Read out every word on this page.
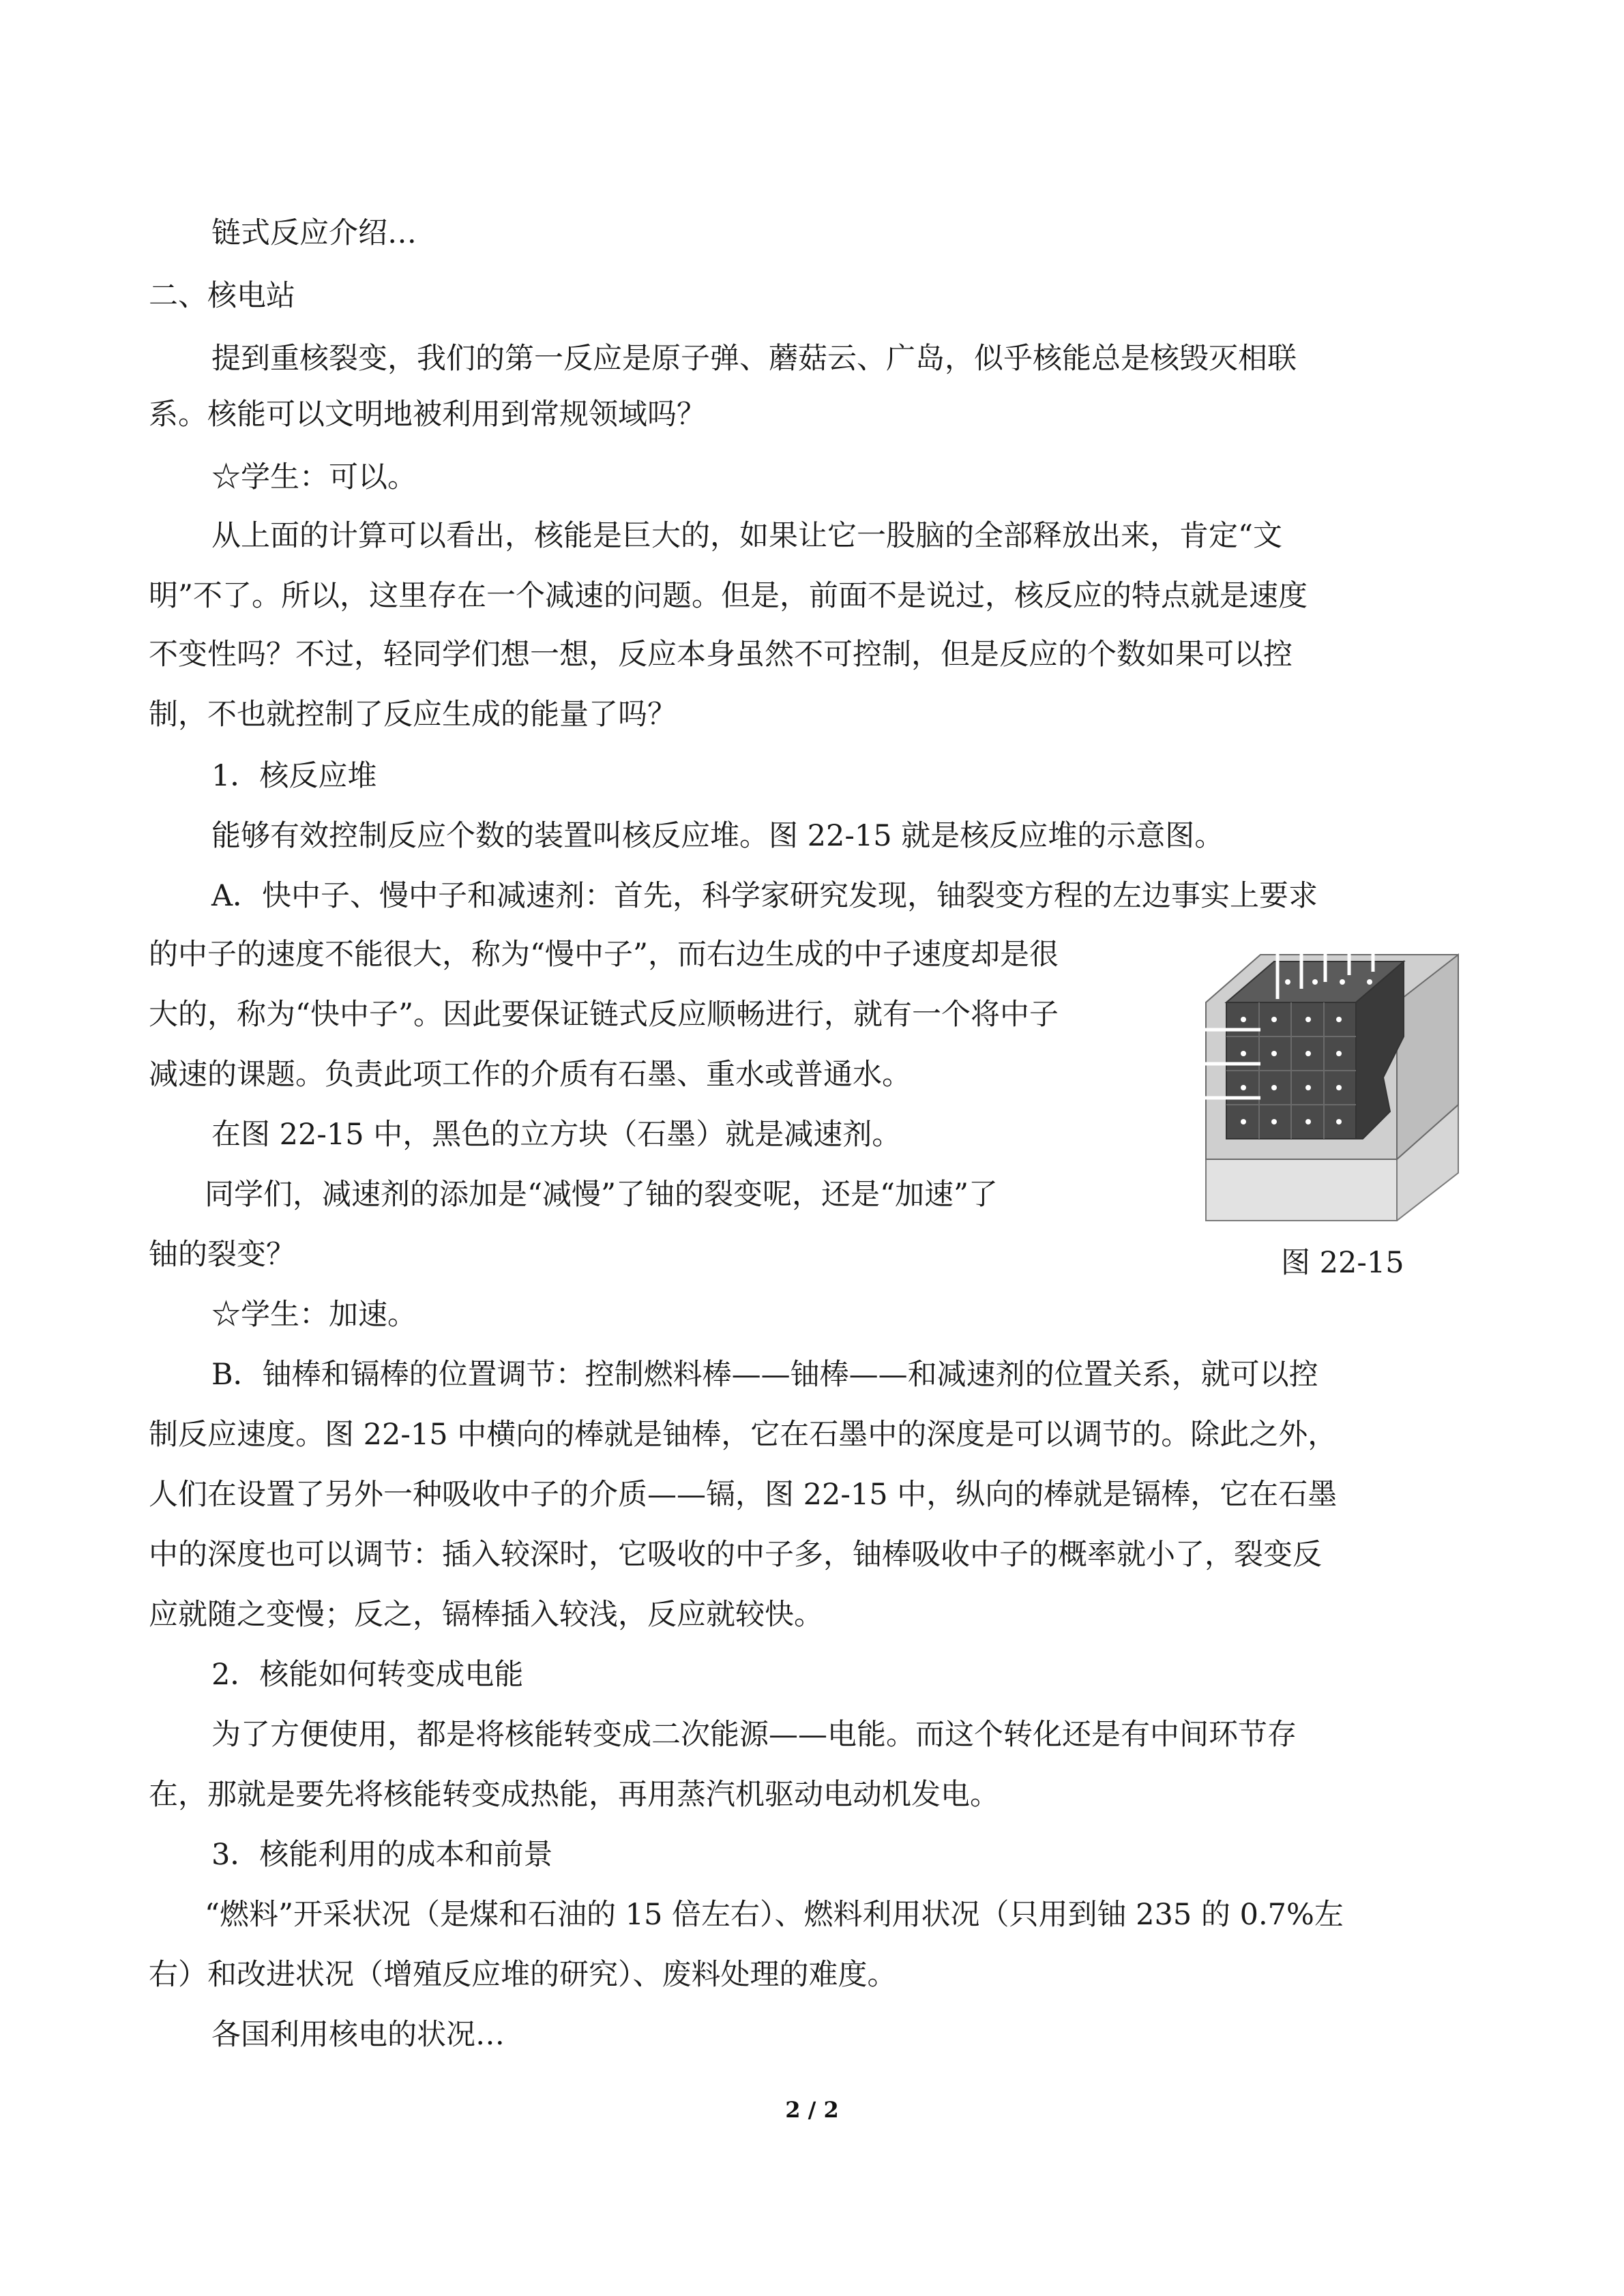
链式反应介绍…

二、核电站

提到重核裂变，我们的第一反应是原子弹、蘑菇云、广岛，似乎核能总是核毁灭相联

系。核能可以文明地被利用到常规领域吗？

☆学生：可以。

从上面的计算可以看出，核能是巨大的，如果让它一股脑的全部释放出来，肯定“文

明”不了。所以，这里存在一个减速的问题。但是，前面不是说过，核反应的特点就是速度

不变性吗？不过，轻同学们想一想，反应本身虽然不可控制，但是反应的个数如果可以控

制，不也就控制了反应生成的能量了吗？

1．核反应堆

能够有效控制反应个数的装置叫核反应堆。图 22-15 就是核反应堆的示意图。

A．快中子、慢中子和减速剂：首先，科学家研究发现，铀裂变方程的左边事实上要求

的中子的速度不能很大，称为“慢中子”，而右边生成的中子速度却是很

大的，称为“快中子”。因此要保证链式反应顺畅进行，就有一个将中子

减速的课题。负责此项工作的介质有石墨、重水或普通水。

在图 22-15 中，黑色的立方块（石墨）就是减速剂。

同学们，减速剂的添加是“减慢”了铀的裂变呢，还是“加速”了

铀的裂变？

☆学生：加速。

B．铀棒和镉棒的位置调节：控制燃料棒——铀棒——和减速剂的位置关系，就可以控

制反应速度。图 22-15 中横向的棒就是铀棒，它在石墨中的深度是可以调节的。除此之外，

人们在设置了另外一种吸收中子的介质——镉，图 22-15 中，纵向的棒就是镉棒，它在石墨

中的深度也可以调节：插入较深时，它吸收的中子多，铀棒吸收中子的概率就小了，裂变反

应就随之变慢；反之，镉棒插入较浅，反应就较快。

2．核能如何转变成电能

为了方便使用，都是将核能转变成二次能源——电能。而这个转化还是有中间环节存

在，那就是要先将核能转变成热能，再用蒸汽机驱动电动机发电。

3．核能利用的成本和前景

“燃料”开采状况（是煤和石油的 15 倍左右）、燃料利用状况（只用到铀 235 的 0.7%左

右）和改进状况（增殖反应堆的研究）、废料处理的难度。

各国利用核电的状况…

图 22-15
2 / 2
